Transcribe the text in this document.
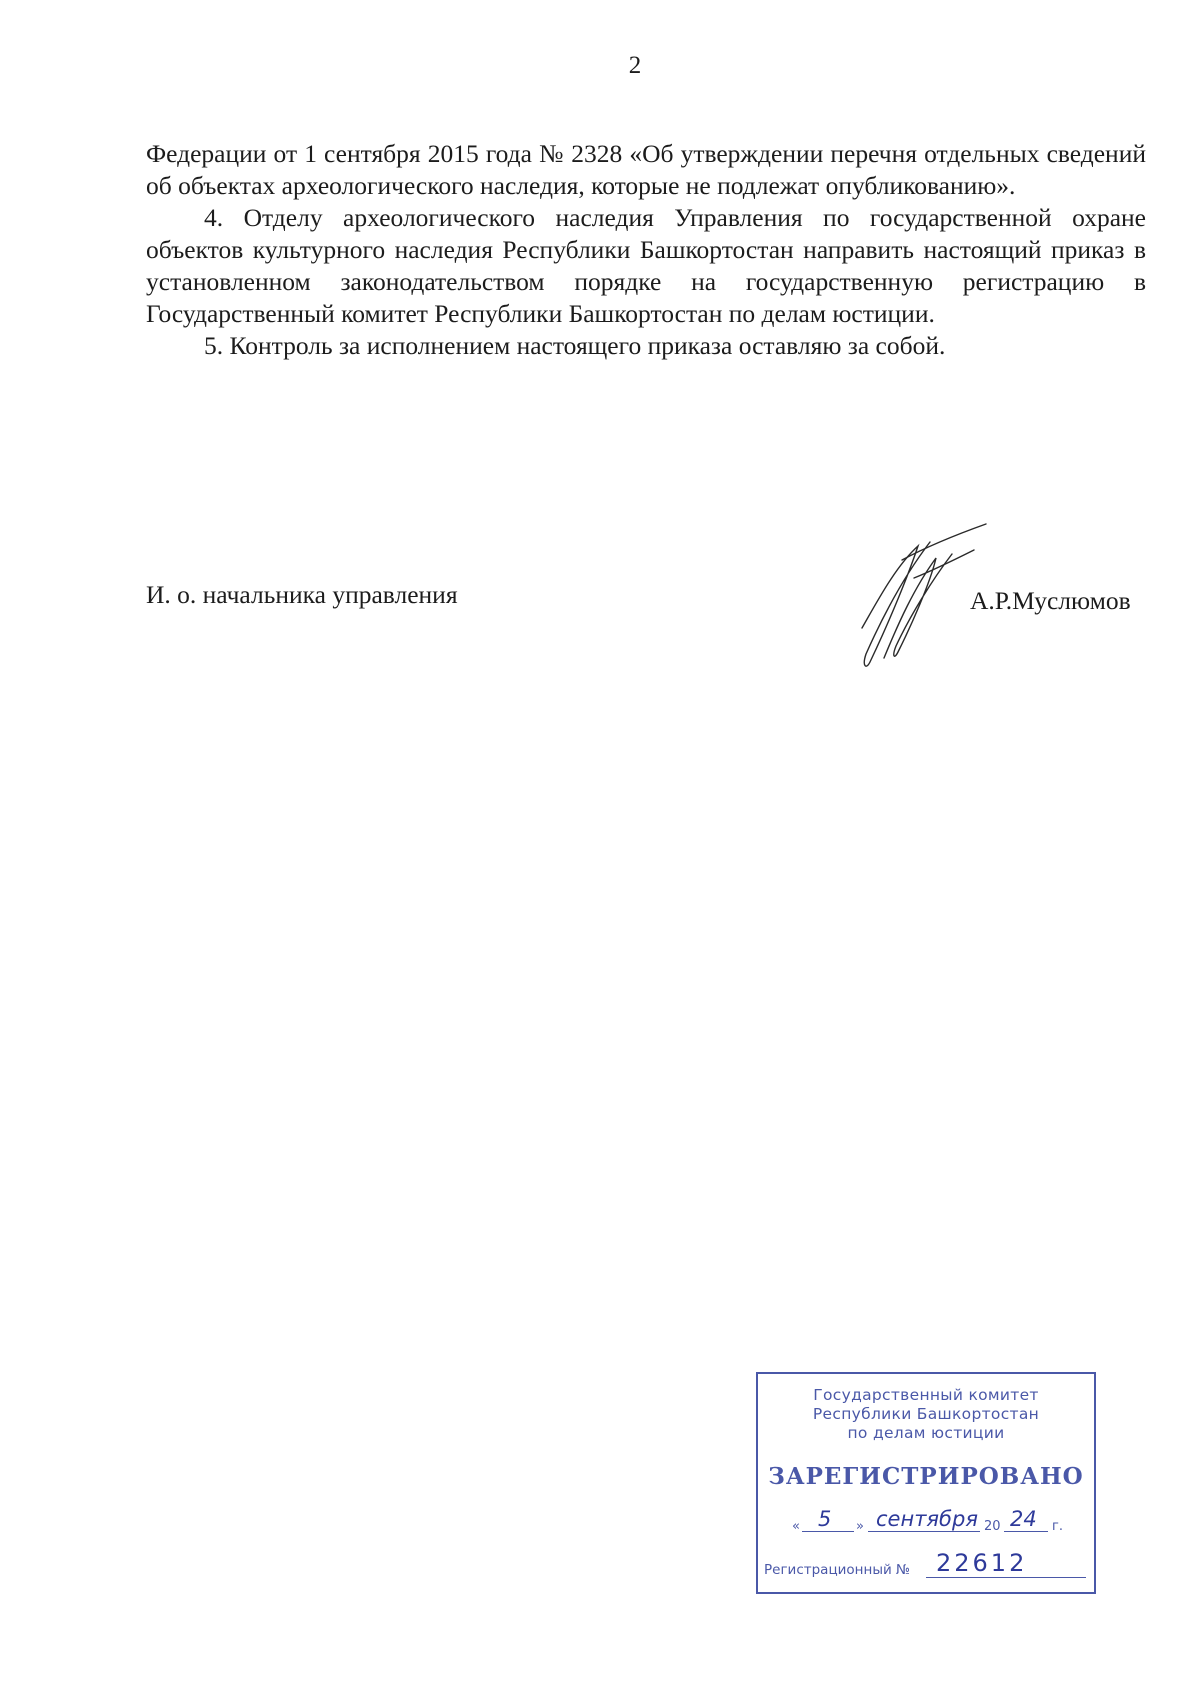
2

Федерации от 1 сентября 2015 года № 2328 «Об утверждении перечня отдельных сведений об объектах археологического наследия, которые не подлежат опубликованию».

4. Отделу археологического наследия Управления по государственной охране объектов культурного наследия Республики Башкортостан направить настоящий приказ в установленном законодательством порядке на государственную регистрацию в Государственный комитет Республики Башкортостан по делам юстиции.

5. Контроль за исполнением настоящего приказа оставляю за собой.

И. о. начальника управления	А.Р.Муслюмов
Государственный комитет
Республики Башкортостан
по делам юстиции
ЗАРЕГИСТРИРОВАНО
« 5 » сентября 20 24 г.
Регистрационный № 22612
